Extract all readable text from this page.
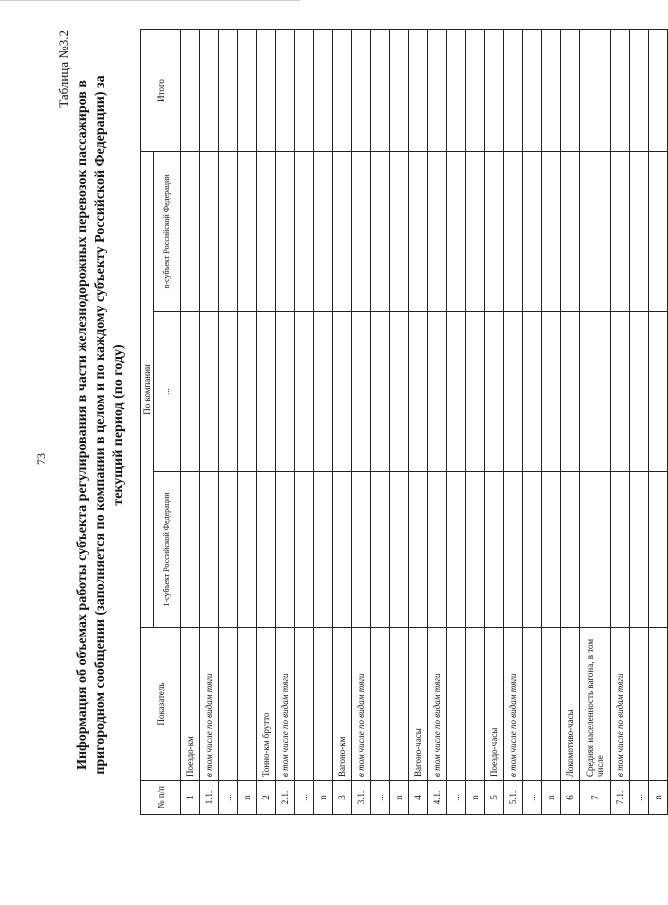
73
Таблица №3.2
Информация об объемах работы субъекта регулирования в части железнодорожных перевозок пассажиров в пригородном сообщении (заполняется по компании в целом и по каждому субъекту Российской Федерации) за текущий период (по году)
№ п/п	Показатель	По компании			Итого
		1-субъект Российской Федерации	...	n-субъект Российской Федерации	
1	Поездо-км				
1.1.	в том числе по видам тяги				
...					
n					
2	Тонно-км брутто				
2.1.	в том числе по видам тяги				
...					
n					
3	Вагоно-км				
3.1.	в том числе по видам тяги				
...					
n					
4	Вагоно-часы				
4.1.	в том числе по видам тяги				
...					
n					
5	Поездо-часы				
5.1.	в том числе по видам тяги				
...					
n					
6	Локомотиво-часы				
7	Средняя населенность вагона, в том числе				
7.1.	в том числе по видам тяги				
...					
n					
